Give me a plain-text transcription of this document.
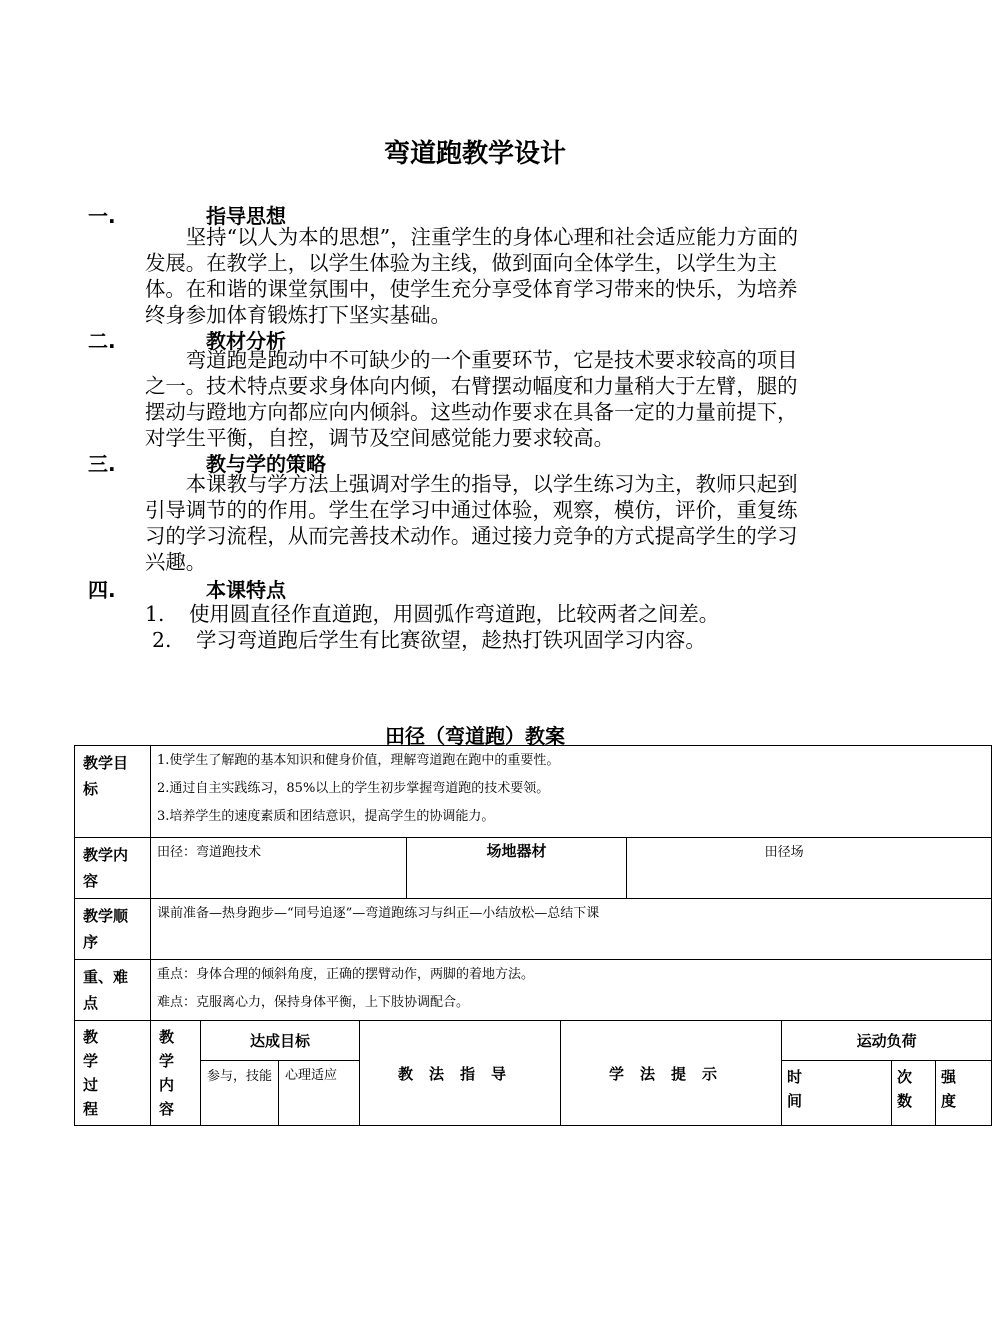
弯道跑教学设计
一.	指导思想
坚持“以人为本的思想”，注重学生的身体心理和社会适应能力方面的发展。在教学上，以学生体验为主线，做到面向全体学生，以学生为主体。在和谐的课堂氛围中，使学生充分享受体育学习带来的快乐，为培养终身参加体育锻炼打下坚实基础。
二.	教材分析
弯道跑是跑动中不可缺少的一个重要环节，它是技术要求较高的项目之一。技术特点要求身体向内倾，右臂摆动幅度和力量稍大于左臂，腿的摆动与蹬地方向都应向内倾斜。这些动作要求在具备一定的力量前提下，对学生平衡，自控，调节及空间感觉能力要求较高。
三.	教与学的策略
本课教与学方法上强调对学生的指导，以学生练习为主，教师只起到引导调节的的作用。学生在学习中通过体验，观察，模仿，评价，重复练习的学习流程，从而完善技术动作。通过接力竞争的方式提高学生的学习兴趣。
四.	本课特点
1. 使用圆直径作直道跑，用圆弧作弯道跑，比较两者之间差。
2. 学习弯道跑后学生有比赛欲望，趁热打铁巩固学习内容。
田径（弯道跑）教案
教学目标	1.使学生了解跑的基本知识和健身价值，理解弯道跑在跑中的重要性。
2.通过自主实践练习，85%以上的学生初步掌握弯道跑的技术要领。
3.培养学生的速度素质和团结意识，提高学生的协调能力。									

教学内容	田径：弯道跑技术				场地器材		田径场			
教学顺序	课前准备—热身跑步—“同号追逐”—弯道跑练习与纠正—小结放松—总结下课									
重、难点	重点：身体合理的倾斜角度，正确的摆臂动作，两脚的着地方法。
难点：克服离心力，保持身体平衡，上下肢协调配合。									

教学过程	教学内容	达成目标		教法指导		学法提示		运动负荷		
		参与，技能	心理适应					时间	次数	强度
